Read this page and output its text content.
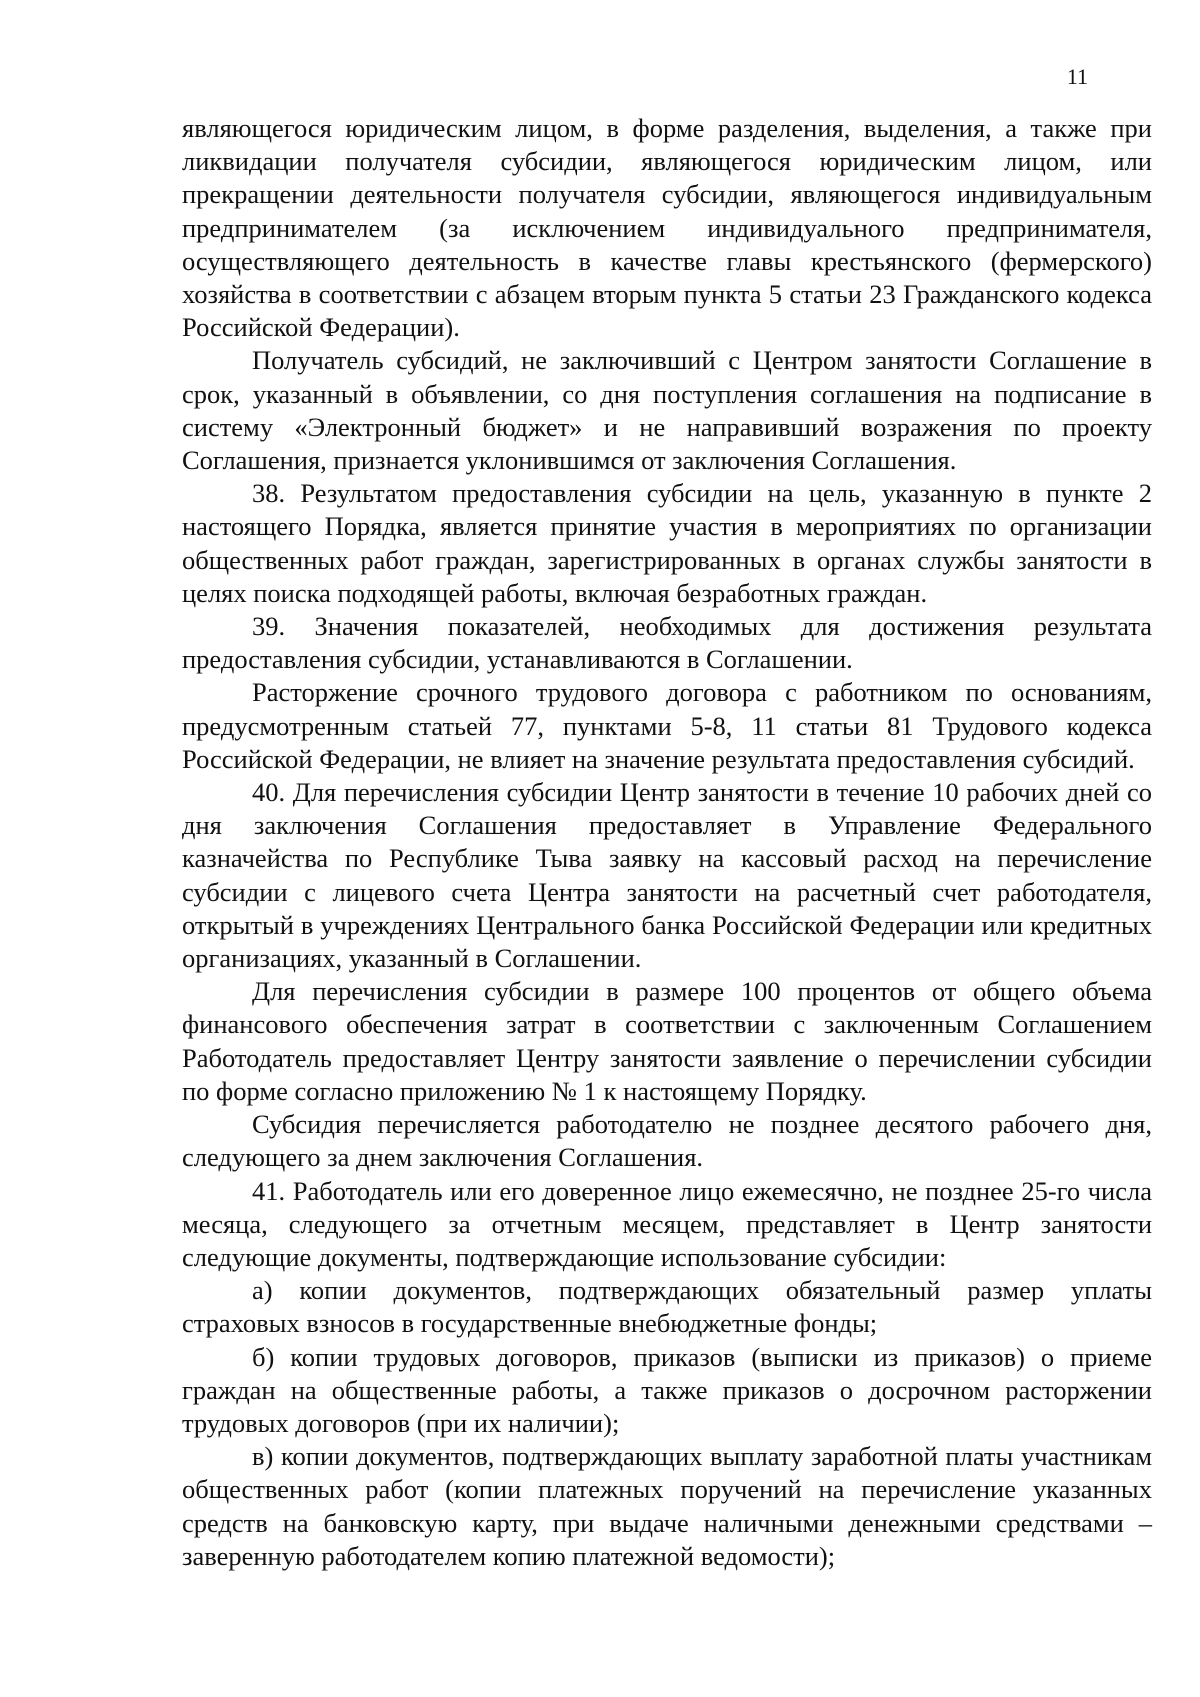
11

являющегося юридическим лицом, в форме разделения, выделения, а также при ликвидации получателя субсидии, являющегося юридическим лицом, или прекращении деятельности получателя субсидии, являющегося индивидуальным предпринимателем (за исключением индивидуального предпринимателя, осуществляющего деятельность в качестве главы крестьянского (фермерского) хозяйства в соответствии с абзацем вторым пункта 5 статьи 23 Гражданского кодекса Российской Федерации).

Получатель субсидий, не заключивший с Центром занятости Соглашение в срок, указанный в объявлении, со дня поступления соглашения на подписание в систему «Электронный бюджет» и не направивший возражения по проекту Соглашения, признается уклонившимся от заключения Соглашения.

38. Результатом предоставления субсидии на цель, указанную в пункте 2 настоящего Порядка, является принятие участия в мероприятиях по организации общественных работ граждан, зарегистрированных в органах службы занятости в целях поиска подходящей работы, включая безработных граждан.

39. Значения показателей, необходимых для достижения результата предоставления субсидии, устанавливаются в Соглашении.

Расторжение срочного трудового договора с работником по основаниям, предусмотренным статьей 77, пунктами 5-8, 11 статьи 81 Трудового кодекса Российской Федерации, не влияет на значение результата предоставления субсидий.

40. Для перечисления субсидии Центр занятости в течение 10 рабочих дней со дня заключения Соглашения предоставляет в Управление Федерального казначейства по Республике Тыва заявку на кассовый расход на перечисление субсидии с лицевого счета Центра занятости на расчетный счет работодателя, открытый в учреждениях Центрального банка Российской Федерации или кредитных организациях, указанный в Соглашении.

Для перечисления субсидии в размере 100 процентов от общего объема финансового обеспечения затрат в соответствии с заключенным Соглашением Работодатель предоставляет Центру занятости заявление о перечислении субсидии по форме согласно приложению № 1 к настоящему Порядку.

Субсидия перечисляется работодателю не позднее десятого рабочего дня, следующего за днем заключения Соглашения.

41. Работодатель или его доверенное лицо ежемесячно, не позднее 25-го числа месяца, следующего за отчетным месяцем, представляет в Центр занятости следующие документы, подтверждающие использование субсидии:

а) копии документов, подтверждающих обязательный размер уплаты страховых взносов в государственные внебюджетные фонды;

б) копии трудовых договоров, приказов (выписки из приказов) о приеме граждан на общественные работы, а также приказов о досрочном расторжении трудовых договоров (при их наличии);

в) копии документов, подтверждающих выплату заработной платы участникам общественных работ (копии платежных поручений на перечисление указанных средств на банковскую карту, при выдаче наличными денежными средствами – заверенную работодателем копию платежной ведомости);
